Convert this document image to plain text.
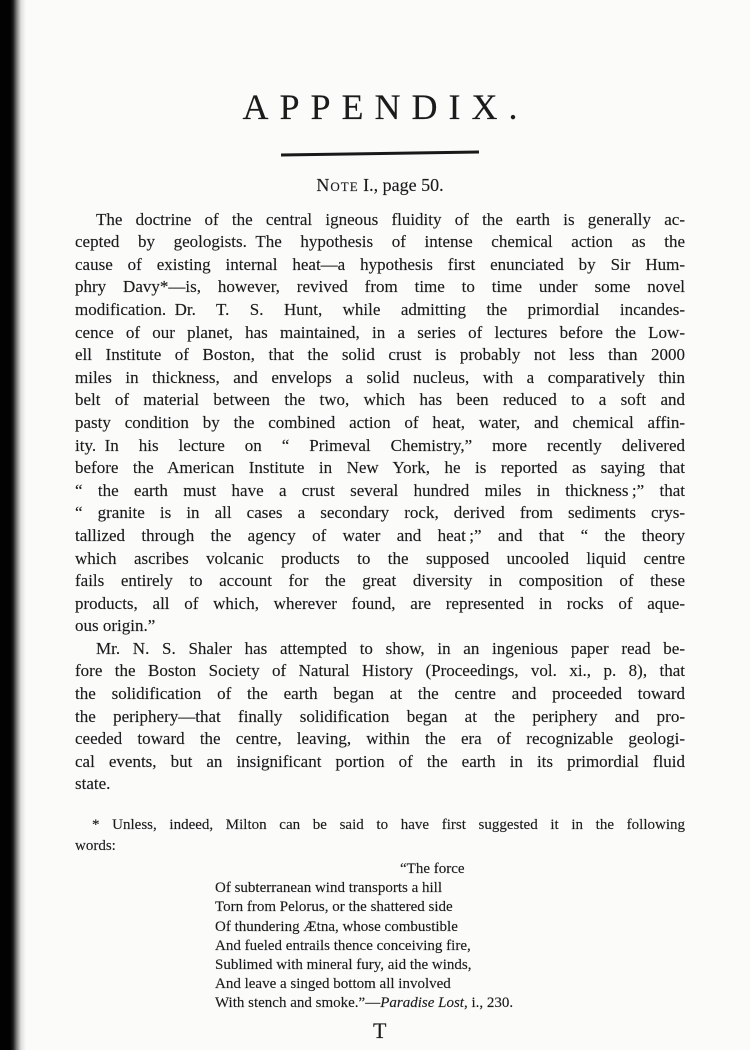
APPENDIX.
Note I., page 50.
The doctrine of the central igneous fluidity of the earth is generally ac-
cepted by geologists. The hypothesis of intense chemical action as the
cause of existing internal heat—a hypothesis first enunciated by Sir Hum-
phry Davy*—is, however, revived from time to time under some novel
modification. Dr. T. S. Hunt, while admitting the primordial incandes-
cence of our planet, has maintained, in a series of lectures before the Low-
ell Institute of Boston, that the solid crust is probably not less than 2000
miles in thickness, and envelops a solid nucleus, with a comparatively thin
belt of material between the two, which has been reduced to a soft and
pasty condition by the combined action of heat, water, and chemical affin-
ity. In his lecture on “ Primeval Chemistry,” more recently delivered
before the American Institute in New York, he is reported as saying that
“ the earth must have a crust several hundred miles in thickness ;” that
“ granite is in all cases a secondary rock, derived from sediments crys-
tallized through the agency of water and heat ;” and that “ the theory
which ascribes volcanic products to the supposed uncooled liquid centre
fails entirely to account for the great diversity in composition of these
products, all of which, wherever found, are represented in rocks of aque-
ous origin.”
Mr. N. S. Shaler has attempted to show, in an ingenious paper read be-
fore the Boston Society of Natural History (Proceedings, vol. xi., p. 8), that
the solidification of the earth began at the centre and proceeded toward
the periphery—that finally solidification began at the periphery and pro-
ceeded toward the centre, leaving, within the era of recognizable geologi-
cal events, but an insignificant portion of the earth in its primordial fluid
state.
* Unless, indeed, Milton can be said to have first suggested it in the following
words:
“The force
Of subterranean wind transports a hill
Torn from Pelorus, or the shattered side
Of thundering Ætna, whose combustible
And fueled entrails thence conceiving fire,
Sublimed with mineral fury, aid the winds,
And leave a singed bottom all involved
With stench and smoke.”—Paradise Lost, i., 230.
T
